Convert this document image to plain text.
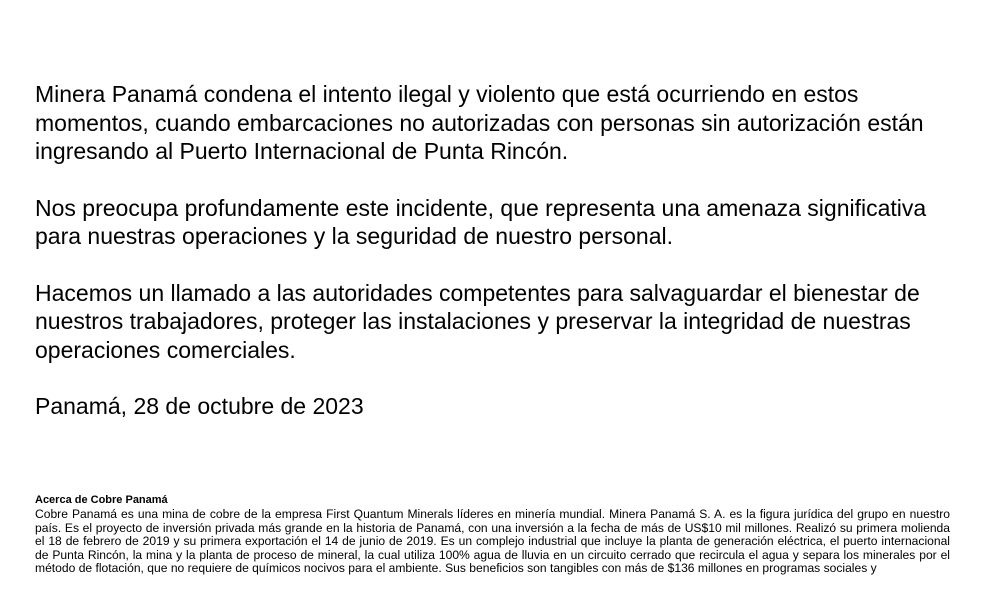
Minera Panamá condena el intento ilegal y violento que está ocurriendo en estos momentos, cuando embarcaciones no autorizadas con personas sin autorización están ingresando al Puerto Internacional de Punta Rincón.

Nos preocupa profundamente este incidente, que representa una amenaza significativa para nuestras operaciones y la seguridad de nuestro personal.

Hacemos un llamado a las autoridades competentes para salvaguardar el bienestar de nuestros trabajadores, proteger las instalaciones y preservar la integridad de nuestras operaciones comerciales.

Panamá, 28 de octubre de 2023

Acerca de Cobre Panamá

Cobre Panamá es una mina de cobre de la empresa First Quantum Minerals líderes en minería mundial. Minera Panamá S. A. es la figura jurídica del grupo en nuestro país. Es el proyecto de inversión privada más grande en la historia de Panamá, con una inversión a la fecha de más de US$10 mil millones. Realizó su primera molienda el 18 de febrero de 2019 y su primera exportación el 14 de junio de 2019. Es un complejo industrial que incluye la planta de generación eléctrica, el puerto internacional de Punta Rincón, la mina y la planta de proceso de mineral, la cual utiliza 100% agua de lluvia en un circuito cerrado que recircula el agua y separa los minerales por el método de flotación, que no requiere de químicos nocivos para el ambiente. Sus beneficios son tangibles con más de $136 millones en programas sociales y
